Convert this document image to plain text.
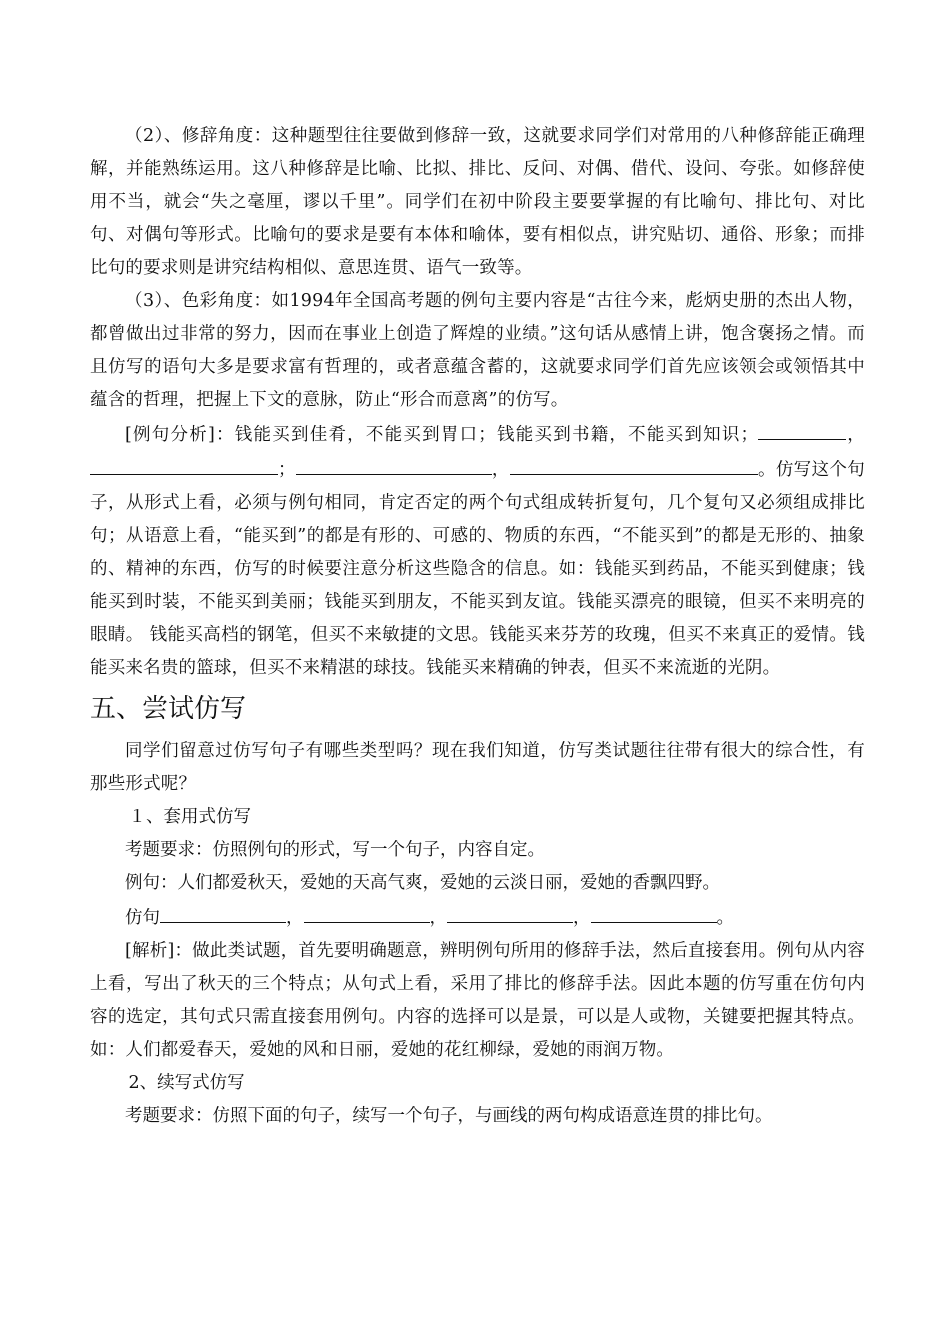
（2）、修辞角度：这种题型往往要做到修辞一致，这就要求同学们对常用的八种修辞能正确理解，并能熟练运用。这八种修辞是比喻、比拟、排比、反问、对偶、借代、设问、夸张。如修辞使用不当，就会“失之毫厘，谬以千里”。同学们在初中阶段主要要掌握的有比喻句、排比句、对比句、对偶句等形式。比喻句的要求是要有本体和喻体，要有相似点，讲究贴切、通俗、形象；而排比句的要求则是讲究结构相似、意思连贯、语气一致等。

（3）、色彩角度：如1994年全国高考题的例句主要内容是“古往今来，彪炳史册的杰出人物，都曾做出过非常的努力，因而在事业上创造了辉煌的业绩。”这句话从感情上讲，饱含褒扬之情。而且仿写的语句大多是要求富有哲理的，或者意蕴含蓄的，这就要求同学们首先应该领会或领悟其中蕴含的哲理，把握上下文的意脉，防止“形合而意离”的仿写。

[例句分析]：钱能买到佳肴，不能买到胃口；钱能买到书籍，不能买到知识；	，；	，	。仿写这个句子，从形式上看，必须与例句相同，肯定否定的两个句式组成转折复句，几个复句又必须组成排比句；从语意上看，“能买到”的都是有形的、可感的、物质的东西，“不能买到”的都是无形的、抽象的、精神的东西，仿写的时候要注意分析这些隐含的信息。如：钱能买到药品，不能买到健康；钱能买到时装，不能买到美丽；钱能买到朋友，不能买到友谊。钱能买漂亮的眼镜，但买不来明亮的眼睛。 钱能买高档的钢笔，但买不来敏捷的文思。钱能买来芬芳的玫瑰，但买不来真正的爱情。钱能买来名贵的篮球，但买不来精湛的球技。钱能买来精确的钟表，但买不来流逝的光阴。

五、尝试仿写

同学们留意过仿写句子有哪些类型吗？现在我们知道，仿写类试题往往带有很大的综合性，有那些形式呢？

１、套用式仿写

考题要求：仿照例句的形式，写一个句子，内容自定。

例句：人们都爱秋天，爱她的天高气爽，爱她的云淡日丽，爱她的香飘四野。

仿句	，	，	，	。

[解析]：做此类试题，首先要明确题意，辨明例句所用的修辞手法，然后直接套用。例句从内容上看，写出了秋天的三个特点；从句式上看，采用了排比的修辞手法。因此本题的仿写重在仿句内容的选定，其句式只需直接套用例句。内容的选择可以是景，可以是人或物，关键要把握其特点。如：人们都爱春天，爱她的风和日丽，爱她的花红柳绿，爱她的雨润万物。

2、续写式仿写

考题要求：仿照下面的句子，续写一个句子，与画线的两句构成语意连贯的排比句。
